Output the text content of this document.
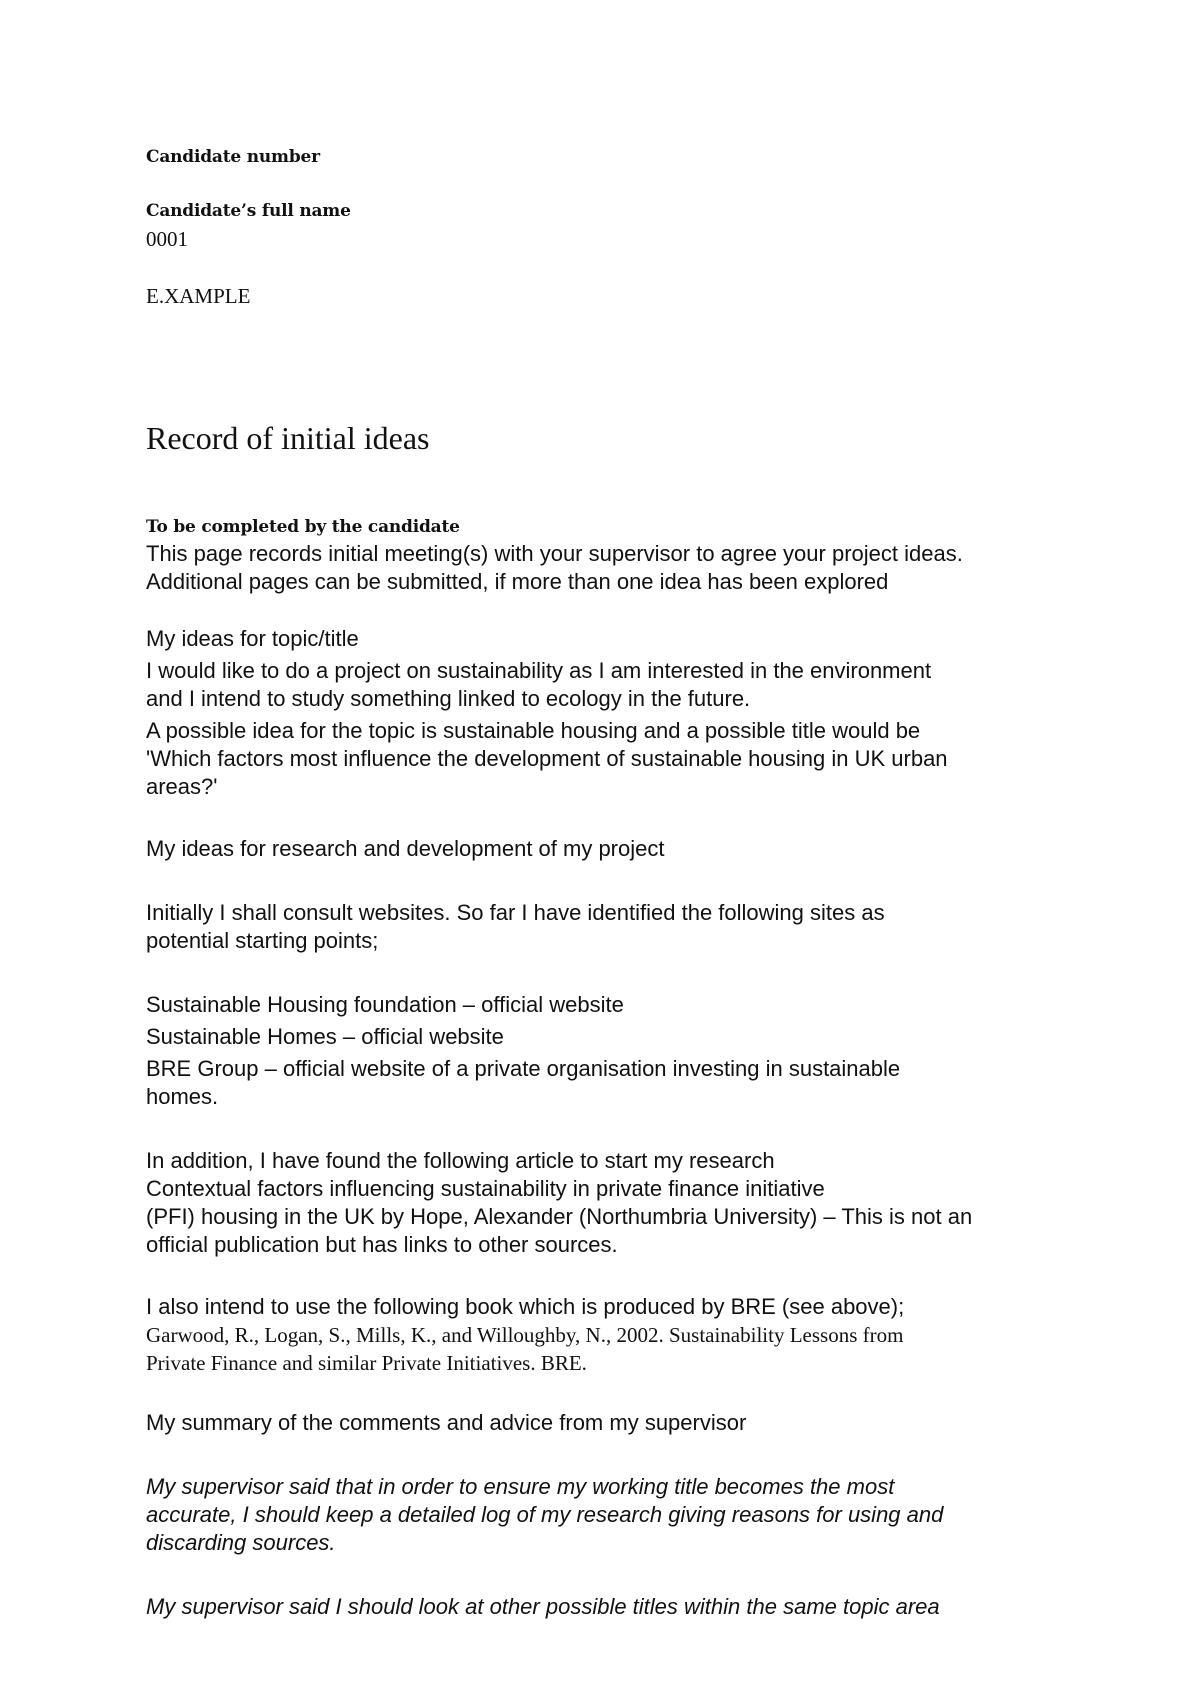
Candidate number

Candidate’s full name

0001

E.XAMPLE

Record of initial ideas

To be completed by the candidate

This page records initial meeting(s) with your supervisor to agree your project ideas.
Additional pages can be submitted, if more than one idea has been explored

My ideas for topic/title

I would like to do a project on sustainability as I am interested in the environment
and I intend to study something linked to ecology in the future.
A possible idea for the topic is sustainable housing and a possible title would be
'Which factors most influence the development of sustainable housing in UK urban
areas?'

My ideas for research and development of my project

Initially I shall consult websites. So far I have identified the following sites as
potential starting points;

Sustainable Housing foundation – official website

Sustainable Homes – official website

BRE Group – official website of a private organisation investing in sustainable
homes.
In addition, I have found the following article to start my research
Contextual factors influencing sustainability in private finance initiative
(PFI) housing in the UK by Hope, Alexander (Northumbria University) – This is not an
official publication but has links to other sources.

I also intend to use the following book which is produced by BRE (see above);

Garwood, R., Logan, S., Mills, K., and Willoughby, N., 2002. Sustainability Lessons from
Private Finance and similar Private Initiatives. BRE.

My summary of the comments and advice from my supervisor

My supervisor said that in order to ensure my working title becomes the most
accurate, I should keep a detailed log of my research giving reasons for using and
discarding sources.

My supervisor said I should look at other possible titles within the same topic area
